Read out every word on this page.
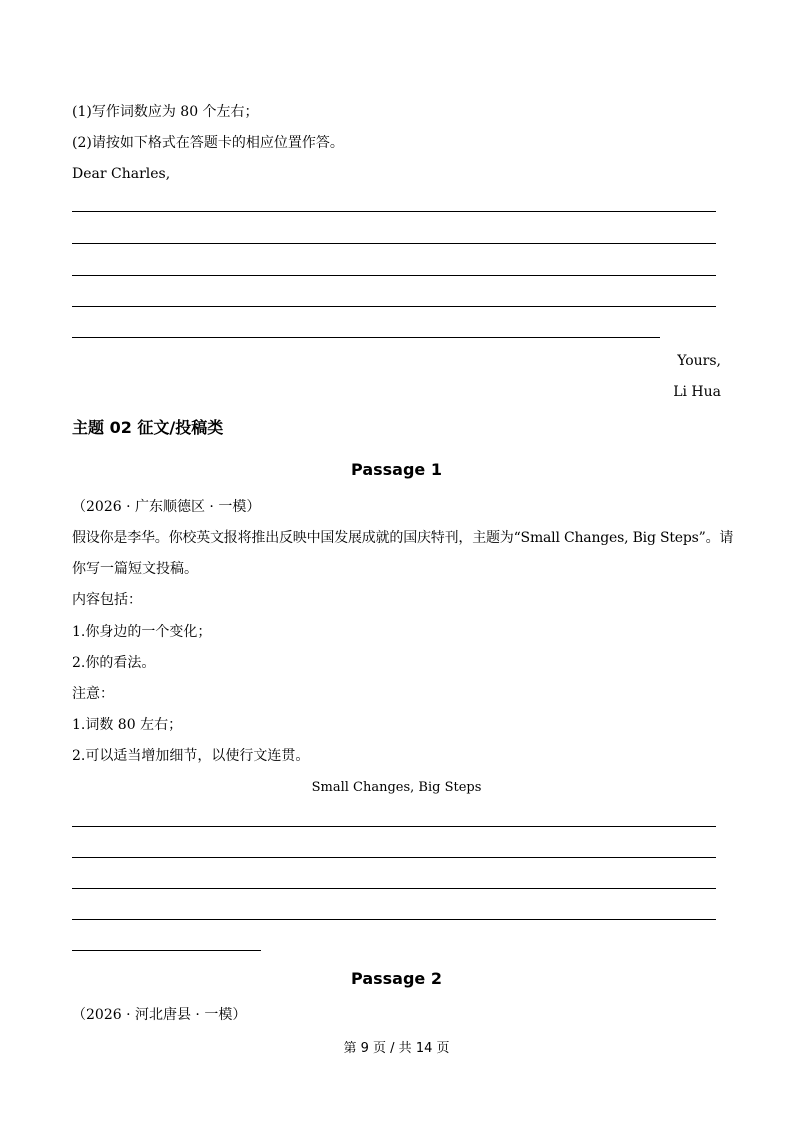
(1)写作词数应为 80 个左右；
(2)请按如下格式在答题卡的相应位置作答。
Dear Charles,
Yours,
Li Hua
主题 02 征文/投稿类
Passage 1
（2026 · 广东顺德区 · 一模）
假设你是李华。你校英文报将推出反映中国发展成就的国庆特刊，主题为“Small Changes, Big Steps”。请
你写一篇短文投稿。
内容包括：
1.你身边的一个变化；
2.你的看法。
注意：
1.词数 80 左右；
2.可以适当增加细节，以使行文连贯。
Small Changes, Big Steps
Passage 2
（2026 · 河北唐县 · 一模）
第 9 页 / 共 14 页
